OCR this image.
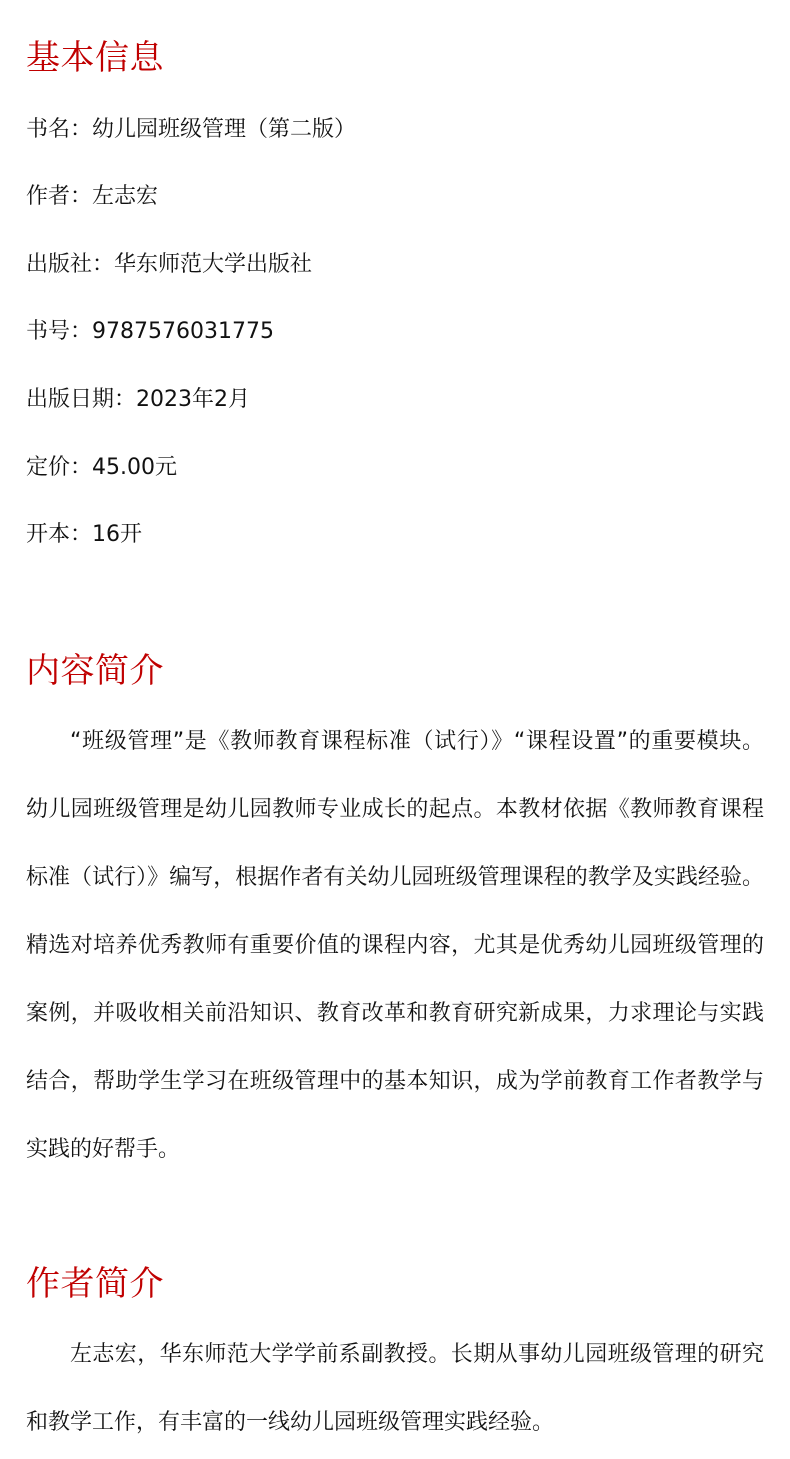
基本信息

书名：幼儿园班级管理（第二版）

作者：左志宏

出版社：华东师范大学出版社

书号：9787576031775

出版日期：2023年2月

定价：45.00元

开本：16开

内容简介

“班级管理”是《教师教育课程标准（试行）》“课程设置”的重要模块。幼儿园班级管理是幼儿园教师专业成长的起点。本教材依据《教师教育课程标准（试行）》编写，根据作者有关幼儿园班级管理课程的教学及实践经验。精选对培养优秀教师有重要价值的课程内容，尤其是优秀幼儿园班级管理的案例，并吸收相关前沿知识、教育改革和教育研究新成果，力求理论与实践结合，帮助学生学习在班级管理中的基本知识，成为学前教育工作者教学与实践的好帮手。

作者简介

左志宏，华东师范大学学前系副教授。长期从事幼儿园班级管理的研究和教学工作，有丰富的一线幼儿园班级管理实践经验。
